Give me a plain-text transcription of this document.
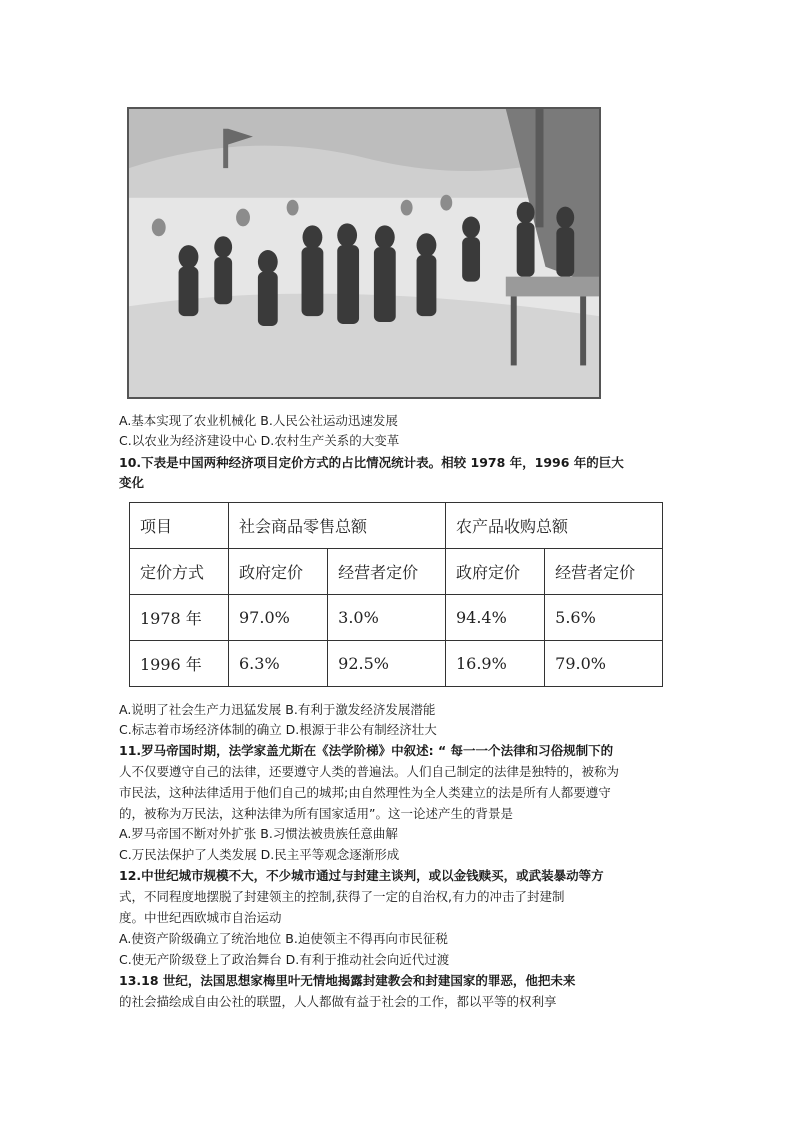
A.基本实现了农业机械化 B.人民公社运动迅速发展
C.以农业为经济建设中心 D.农村生产关系的大变革
10.下表是中国两种经济项目定价方式的占比情况统计表。相较 1978 年，1996 年的巨大
变化
项目	社会商品零售总额		农产品收购总额	
定价方式	政府定价	经营者定价	政府定价	经营者定价
1978 年	97.0%	3.0%	94.4%	5.6%
1996 年	6.3%	92.5%	16.9%	79.0%
A.说明了社会生产力迅猛发展 B.有利于激发经济发展潜能
C.标志着市场经济体制的确立 D.根源于非公有制经济壮大
11.罗马帝国时期，法学家盖尤斯在《法学阶梯》中叙述: “ 每一一个法律和习俗规制下的
人不仅要遵守自己的法律，还要遵守人类的普遍法。人们自己制定的法律是独特的，被称为
市民法，这种法律适用于他们自己的城邦;由自然理性为全人类建立的法是所有人都要遵守
的，被称为万民法，这种法律为所有国家适用”。这一论述产生的背景是
A.罗马帝国不断对外扩张 B.习惯法被贵族任意曲解
C.万民法保护了人类发展 D.民主平等观念逐渐形成
12.中世纪城市规模不大，不少城市通过与封建主谈判，或以金钱赎买，或武装暴动等方
式，不同程度地摆脱了封建领主的控制,获得了一定的自治权,有力的冲击了封建制
度。中世纪西欧城市自治运动
A.使资产阶级确立了统治地位 B.迫使领主不得再向市民征税
C.使无产阶级登上了政治舞台 D.有利于推动社会向近代过渡
13.18 世纪，法国思想家梅里叶无情地揭露封建教会和封建国家的罪恶，他把未来
的社会描绘成自由公社的联盟，人人都做有益于社会的工作，都以平等的权利享
